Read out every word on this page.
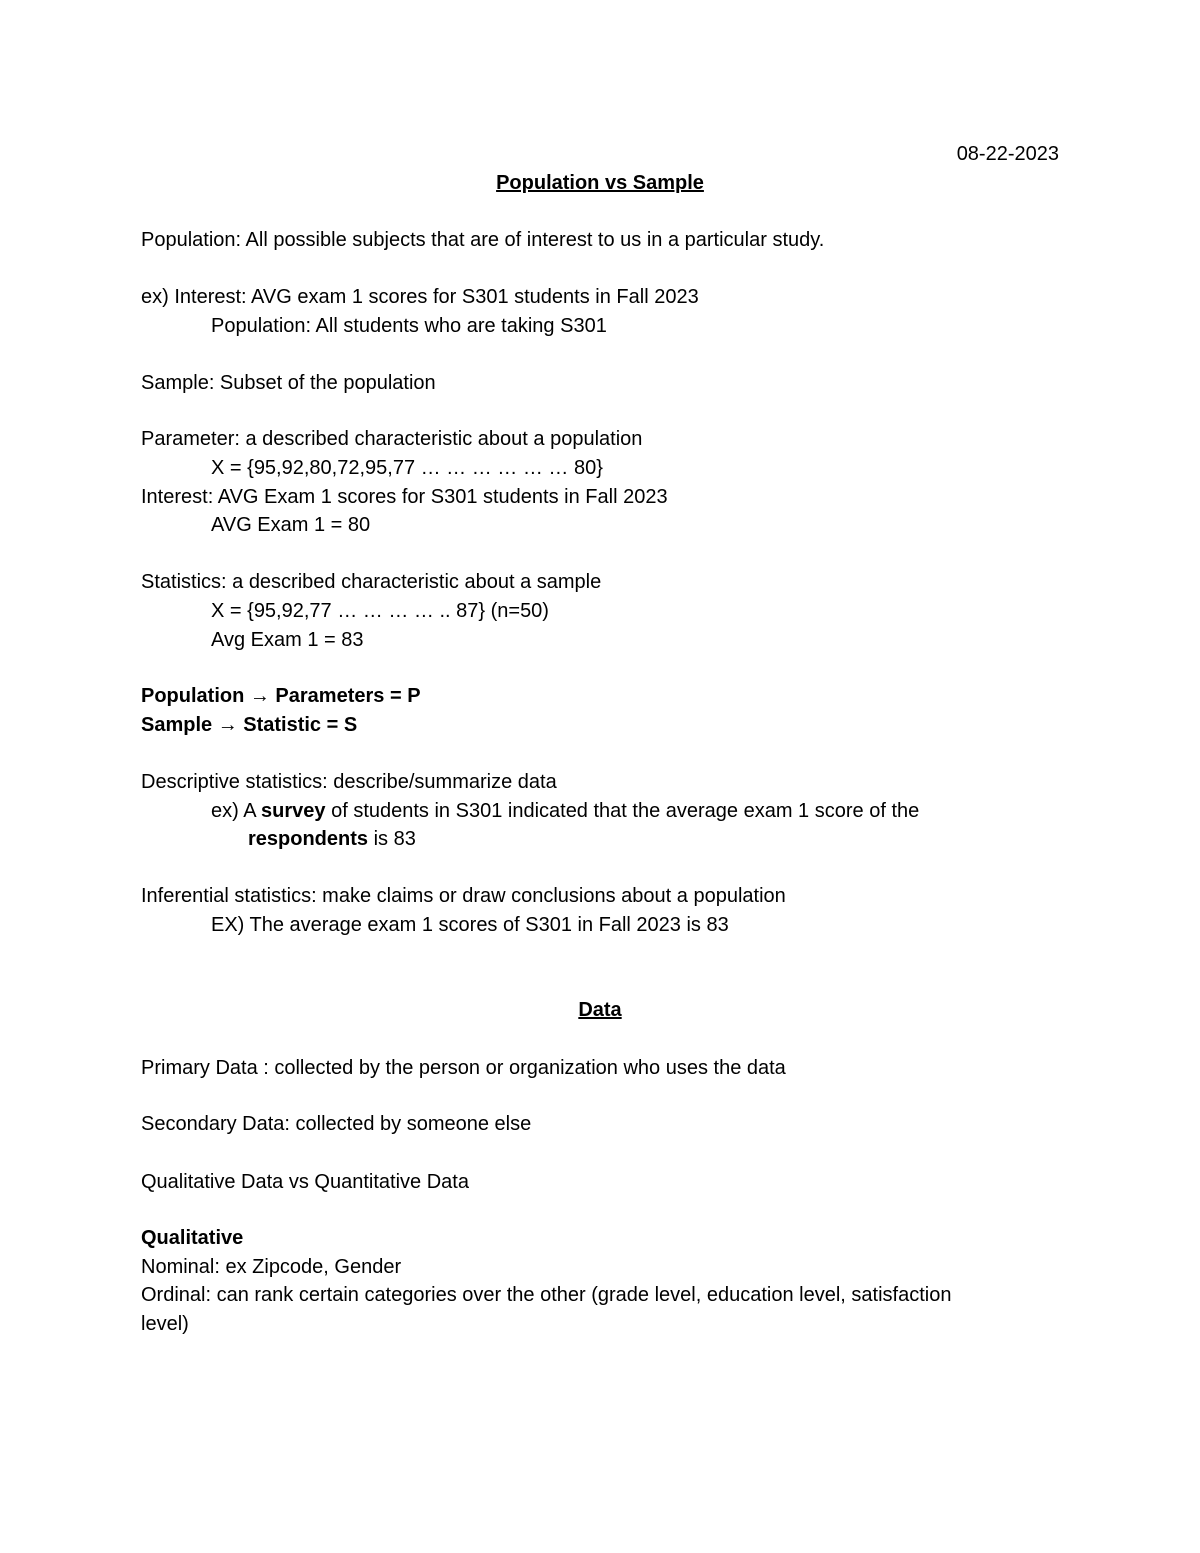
08-22-2023
Population vs Sample
Population: All possible subjects that are of interest to us in a particular study.
ex) Interest: AVG exam 1 scores for S301 students in Fall 2023
Population: All students who are taking S301
Sample: Subset of the population
Parameter: a described characteristic about a population
X = {95,92,80,72,95,77 … … … … … … 80}
Interest: AVG Exam 1 scores for S301 students in Fall 2023
AVG Exam 1 = 80
Statistics: a described characteristic about a sample
X = {95,92,77 … … … … .. 87} (n=50)
Avg Exam 1 = 83
Population → Parameters = P
Sample → Statistic = S
Descriptive statistics: describe/summarize data
ex) A survey of students in S301 indicated that the average exam 1 score of the
respondents is 83
Inferential statistics: make claims or draw conclusions about a population
EX) The average exam 1 scores of S301 in Fall 2023 is 83
Data
Primary Data : collected by the person or organization who uses the data
Secondary Data: collected by someone else
Qualitative Data vs Quantitative Data
Qualitative
Nominal: ex Zipcode, Gender
Ordinal: can rank certain categories over the other (grade level, education level, satisfaction
level)
